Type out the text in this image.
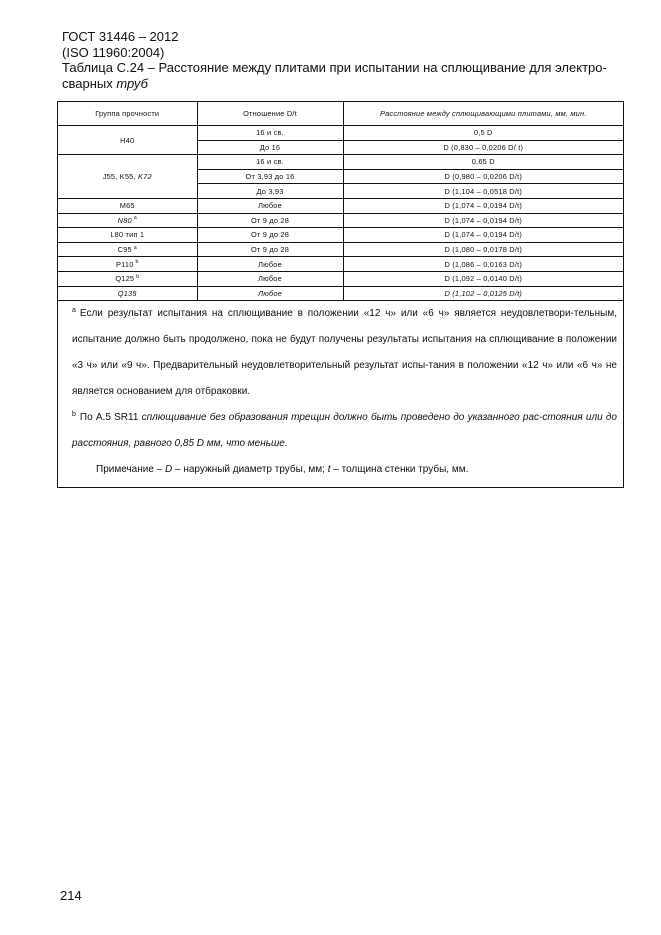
ГОСТ 31446 – 2012
(ISO 11960:2004)
Таблица С.24 – Расстояние между плитами при испытании на сплющивание для электро-сварных труб
Группа прочности	Отношение D/t	Расстояние между сплющивающими плитами, мм, мин.
Н40	16 и св.	0,5 D
	До 16	D (0,830 – 0,0206 D/ t)
J55, K55, K72	16 и св.	0,65 D
	От 3,93 до 16	D (0,980 – 0,0206 D/t)
	До 3,93	D (1,104 – 0,0518 D/t)
М65	Любое	D (1,074 – 0,0194 D/t)
N80 $^a$	От 9 до 28	D (1,074 – 0,0194 D/t)
L80 тип 1	От 9 до 28	D (1,074 – 0,0194 D/t)
С95 $^a$	От 9 до 28	D (1,080 – 0,0178 D/t)
Р110 $^b$	Любое	D (1,086 – 0,0163 D/t)
Q125 $^b$	Любое	D (1,092 – 0,0140 D/t)
Q135	Любое	D (1,102 – 0,0125 D/t)

$^a$ Если результат испытания на сплющивание в положении «12 ч» или «6 ч» является неудовлетвори-тельным, испытание должно быть продолжено, пока не будут получены результаты испытания на сплющивание в положении «3 ч» или «9 ч». Предварительный неудовлетворительный результат испы-тания в положении «12 ч» или «6 ч» не является основанием для отбраковки.

$^b$ По А.5 SR11 сплющивание без образования трещин должно быть проведено до указанного рас-стояния или до расстояния, равного 0,85 D мм, что меньше.

Примечание – D – наружный диаметр трубы, мм; t – толщина стенки трубы, мм.

214
